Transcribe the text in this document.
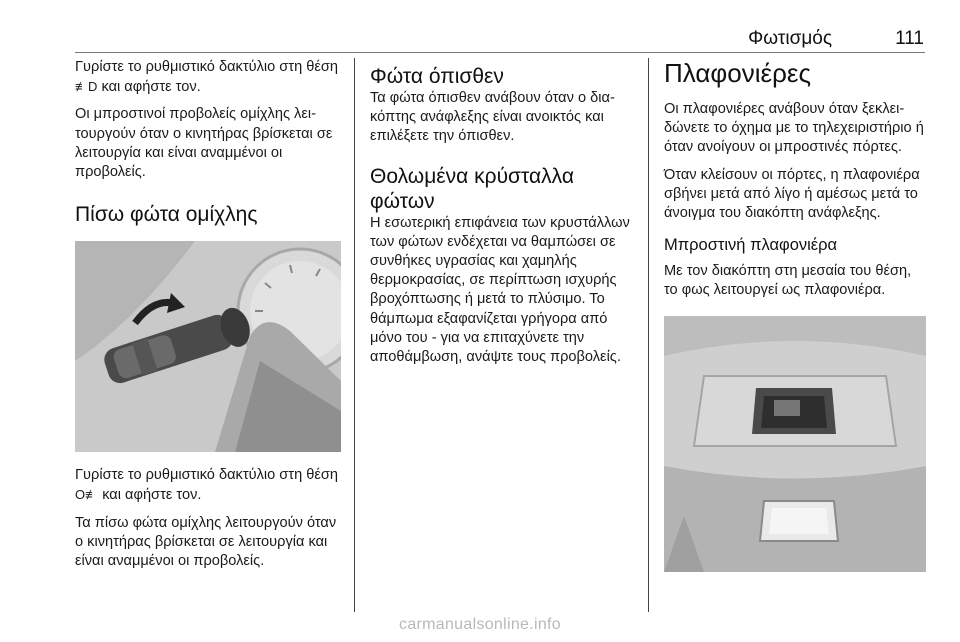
Φωτισμός	111

Γυρίστε το ρυθμιστικό δακτύλιο στη θέση ≢D και αφήστε τον.

Οι μπροστινοί προβολείς ομίχλης λειτουργούν όταν ο κινητήρας βρίσκεται σε λειτουργία και είναι αναμμένοι οι προβολείς.

Πίσω φώτα ομίχλης

Γυρίστε το ρυθμιστικό δακτύλιο στη θέση O≢ και αφήστε τον.

Τα πίσω φώτα ομίχλης λειτουργούν όταν ο κινητήρας βρίσκεται σε λειτουργία και είναι αναμμένοι οι προβολείς.

Φώτα όπισθεν

Τα φώτα όπισθεν ανάβουν όταν ο διακόπτης ανάφλεξης είναι ανοικτός και επιλέξετε την όπισθεν.

Θολωμένα κρύσταλλα φώτων

Η εσωτερική επιφάνεια των κρυστάλλων των φώτων ενδέχεται να θαμπώσει σε συνθήκες υγρασίας και χαμηλής θερμοκρασίας, σε περίπτωση ισχυρής βροχόπτωσης ή μετά το πλύσιμο. Το θάμπωμα εξαφανίζεται γρήγορα από μόνο του - για να επιταχύνετε την αποθάμβωση, ανάψτε τους προβολείς.

Πλαφονιέρες

Οι πλαφονιέρες ανάβουν όταν ξεκλειδώνετε το όχημα με το τηλεχειριστήριο ή όταν ανοίγουν οι μπροστινές πόρτες.

Όταν κλείσουν οι πόρτες, η πλαφονιέρα σβήνει μετά από λίγο ή αμέσως μετά το άνοιγμα του διακόπτη ανάφλεξης.

Μπροστινή πλαφονιέρα

Με τον διακόπτη στη μεσαία του θέση, το φως λειτουργεί ως πλαφονιέρα.

carmanualsonline.info
